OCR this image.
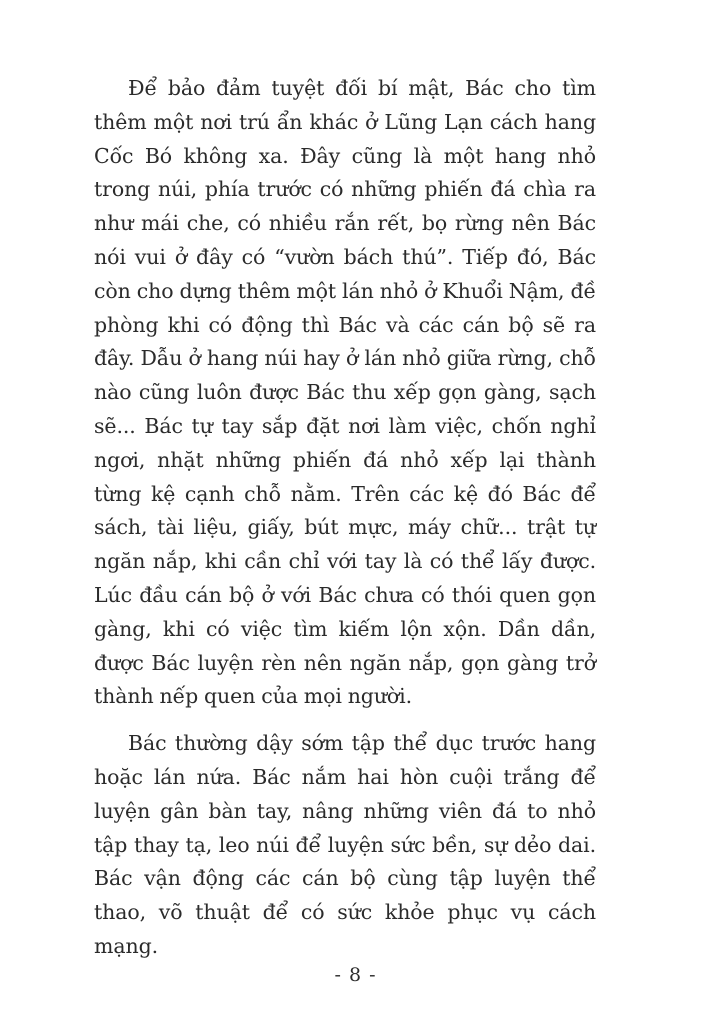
Để bảo đảm tuyệt đối bí mật, Bác cho tìm thêm một nơi trú ẩn khác ở Lũng Lạn cách hang Cốc Bó không xa. Đây cũng là một hang nhỏ trong núi, phía trước có những phiến đá chìa ra như mái che, có nhiều rắn rết, bọ rừng nên Bác nói vui ở đây có “vườn bách thú”. Tiếp đó, Bác còn cho dựng thêm một lán nhỏ ở Khuổi Nậm, đề phòng khi có động thì Bác và các cán bộ sẽ ra đây. Dẫu ở hang núi hay ở lán nhỏ giữa rừng, chỗ nào cũng luôn được Bác thu xếp gọn gàng, sạch sẽ... Bác tự tay sắp đặt nơi làm việc, chốn nghỉ ngơi, nhặt những phiến đá nhỏ xếp lại thành từng kệ cạnh chỗ nằm. Trên các kệ đó Bác để sách, tài liệu, giấy, bút mực, máy chữ... trật tự ngăn nắp, khi cần chỉ với tay là có thể lấy được. Lúc đầu cán bộ ở với Bác chưa có thói quen gọn gàng, khi có việc tìm kiếm lộn xộn. Dần dần, được Bác luyện rèn nên ngăn nắp, gọn gàng trở thành nếp quen của mọi người.

Bác thường dậy sớm tập thể dục trước hang hoặc lán nứa. Bác nắm hai hòn cuội trắng để luyện gân bàn tay, nâng những viên đá to nhỏ tập thay tạ, leo núi để luyện sức bền, sự dẻo dai. Bác vận động các cán bộ cùng tập luyện thể thao, võ thuật để có sức khỏe phục vụ cách mạng.

- 8 -
